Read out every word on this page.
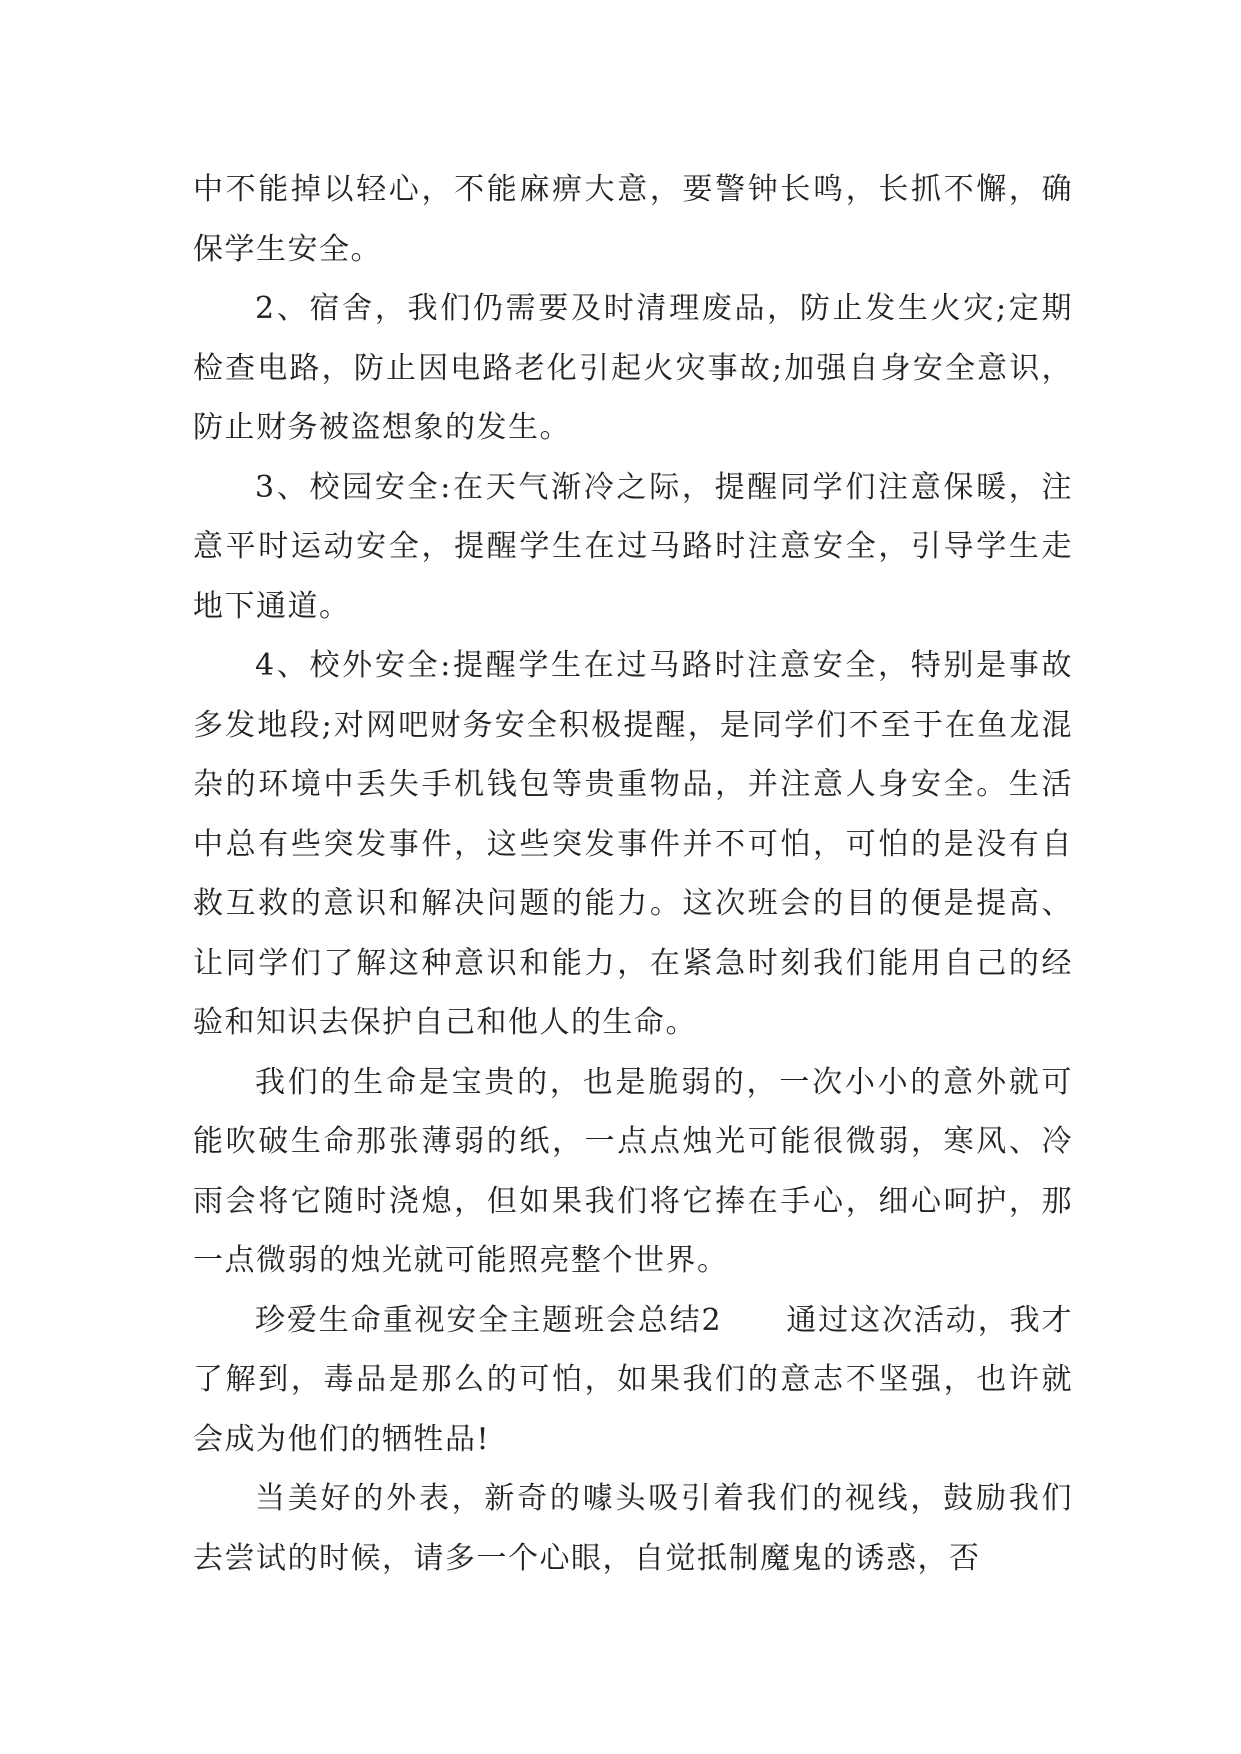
中不能掉以轻心，不能麻痹大意，要警钟长鸣，长抓不懈，确保学生安全。

2、宿舍，我们仍需要及时清理废品，防止发生火灾;定期检查电路，防止因电路老化引起火灾事故;加强自身安全意识，防止财务被盗想象的发生。

3、校园安全:在天气渐冷之际，提醒同学们注意保暖，注意平时运动安全，提醒学生在过马路时注意安全，引导学生走地下通道。

4、校外安全:提醒学生在过马路时注意安全，特别是事故多发地段;对网吧财务安全积极提醒，是同学们不至于在鱼龙混杂的环境中丢失手机钱包等贵重物品，并注意人身安全。生活中总有些突发事件，这些突发事件并不可怕，可怕的是没有自救互救的意识和解决问题的能力。这次班会的目的便是提高、让同学们了解这种意识和能力，在紧急时刻我们能用自己的经验和知识去保护自己和他人的生命。

我们的生命是宝贵的，也是脆弱的，一次小小的意外就可能吹破生命那张薄弱的纸，一点点烛光可能很微弱，寒风、冷雨会将它随时浇熄，但如果我们将它捧在手心，细心呵护，那一点微弱的烛光就可能照亮整个世界。

珍爱生命重视安全主题班会总结2　　通过这次活动，我才了解到，毒品是那么的可怕，如果我们的意志不坚强，也许就会成为他们的牺牲品!

当美好的外表，新奇的噱头吸引着我们的视线，鼓励我们去尝试的时候，请多一个心眼，自觉抵制魔鬼的诱惑，否
